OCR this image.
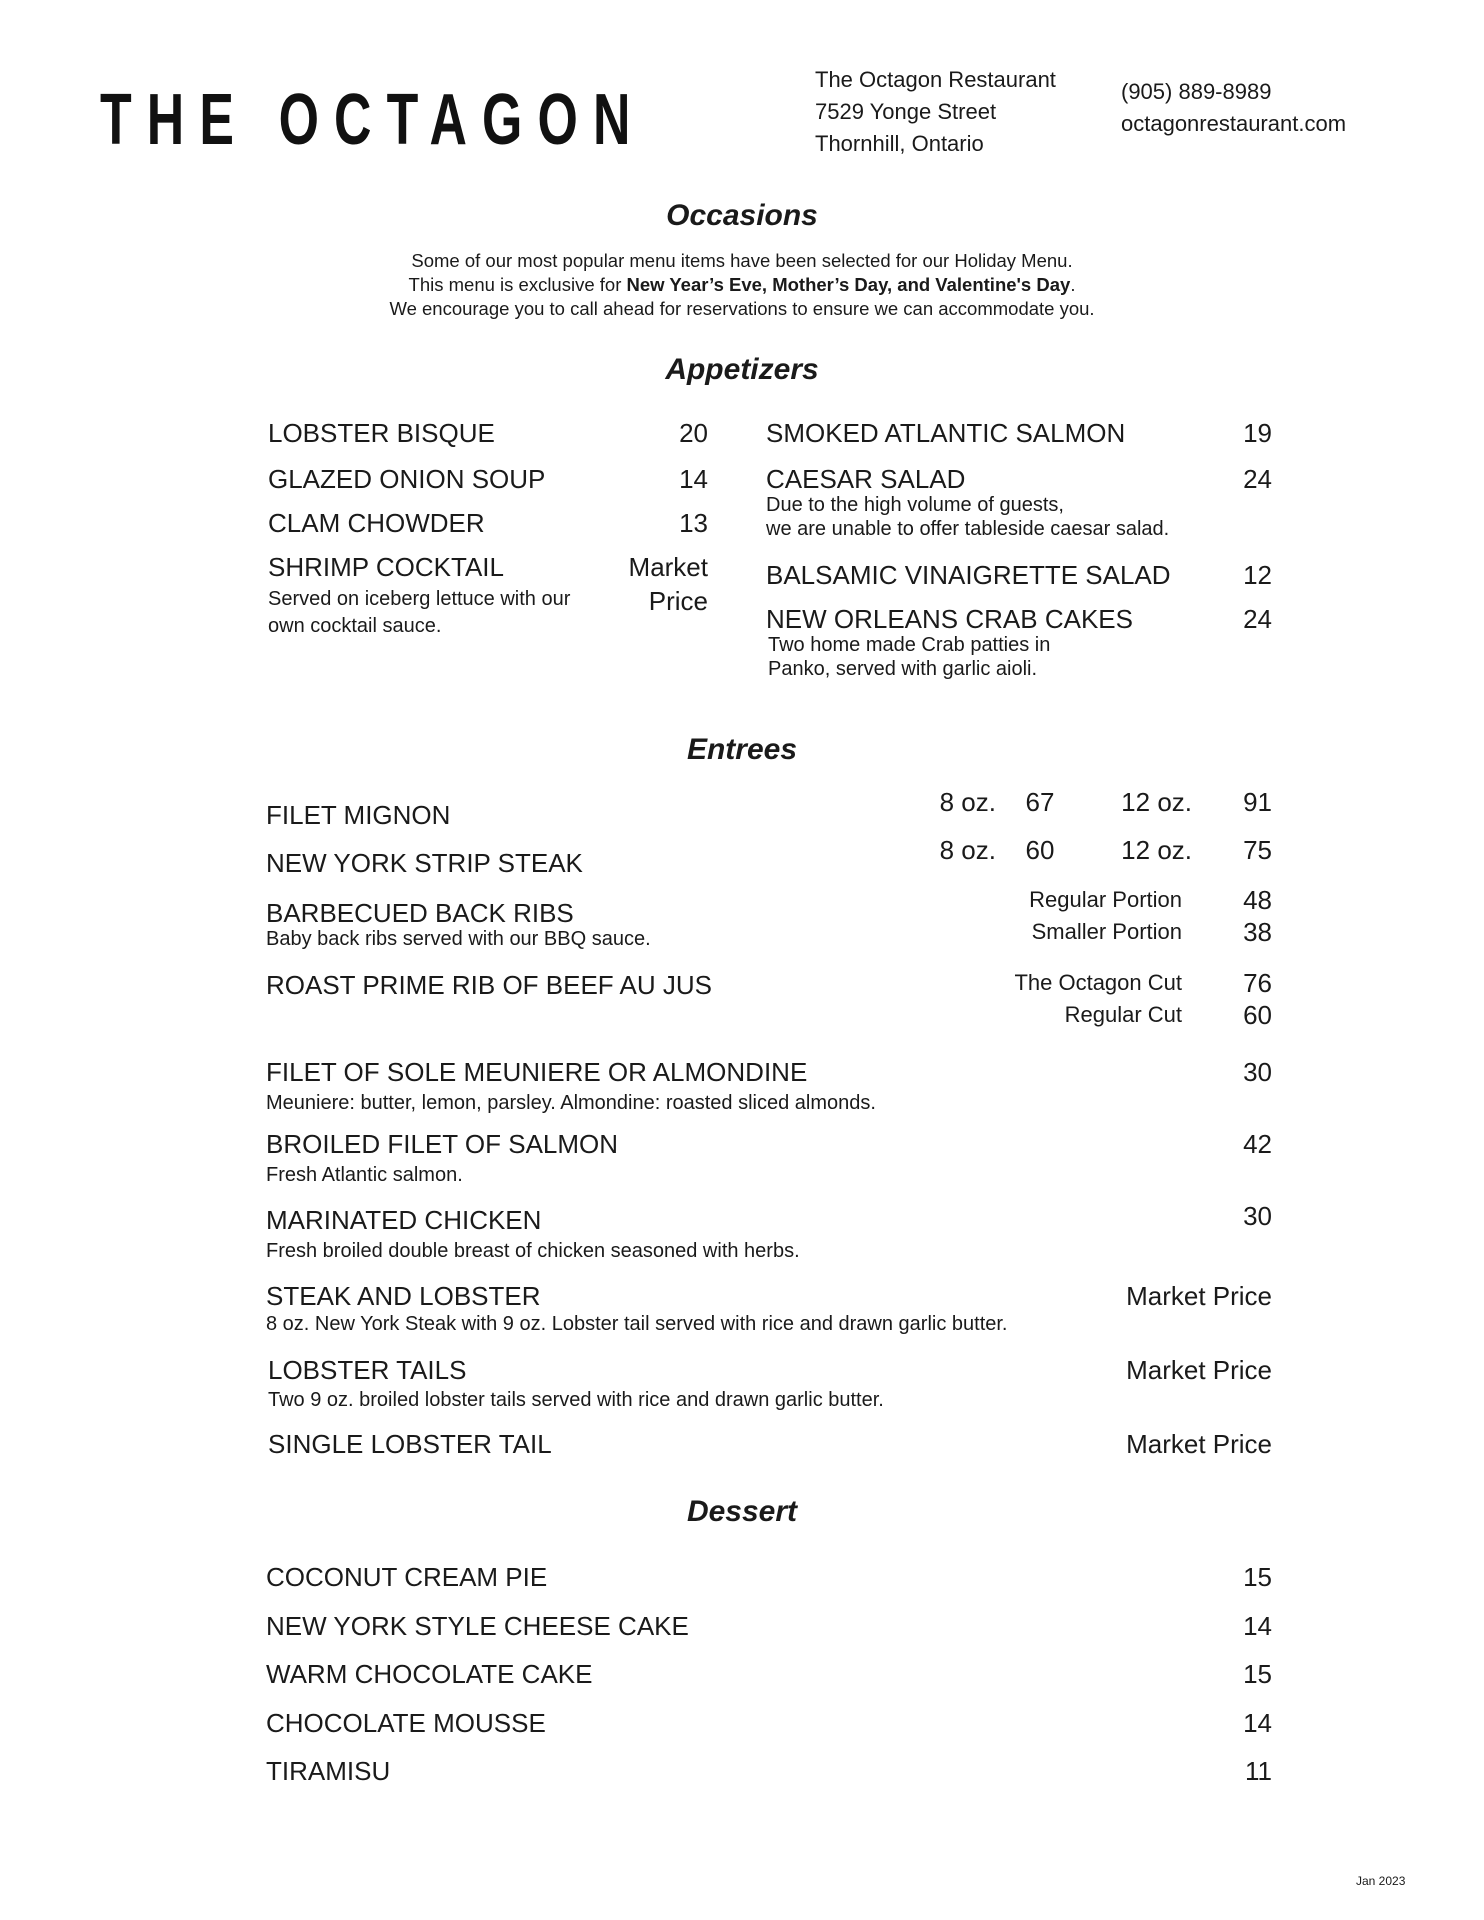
THE OCTAGON
The Octagon Restaurant
7529 Yonge Street
Thornhill, Ontario
(905) 889-8989
octagonrestaurant.com
Occasions
Some of our most popular menu items have been selected for our Holiday Menu.
This menu is exclusive for New Year’s Eve, Mother’s Day, and Valentine's Day.
We encourage you to call ahead for reservations to ensure we can accommodate you.
Appetizers
LOBSTER BISQUE	20
GLAZED ONION SOUP	14
CLAM CHOWDER	13
SHRIMP COCKTAIL	Market
Price
Served on iceberg lettuce with our
own cocktail sauce.
SMOKED ATLANTIC SALMON	19
CAESAR SALAD	24
Due to the high volume of guests,
we are unable to offer tableside caesar salad.
BALSAMIC VINAIGRETTE SALAD	12
NEW ORLEANS CRAB CAKES	24
Two home made Crab patties in
Panko, served with garlic aioli.
Entrees
FILET MIGNON	8 oz.	67	12 oz.	91
NEW YORK STRIP STEAK	8 oz.	60	12 oz.	75
BARBECUED BACK RIBS
Baby back ribs served with our BBQ sauce.
Regular Portion	48
Smaller Portion	38
ROAST PRIME RIB OF BEEF AU JUS	The Octagon Cut	76
Regular Cut	60
FILET OF SOLE MEUNIERE OR ALMONDINE
Meuniere: butter, lemon, parsley. Almondine: roasted sliced almonds.
30
BROILED FILET OF SALMON
Fresh Atlantic salmon.
42
MARINATED CHICKEN
Fresh broiled double breast of chicken seasoned with herbs.
30
STEAK AND LOBSTER
8 oz. New York Steak with 9 oz. Lobster tail served with rice and drawn garlic butter.
Market Price
LOBSTER TAILS
Two 9 oz. broiled lobster tails served with rice and drawn garlic butter.
Market Price
SINGLE LOBSTER TAIL	Market Price
Dessert
COCONUT CREAM PIE	15
NEW YORK STYLE CHEESE CAKE	14
WARM CHOCOLATE CAKE	15
CHOCOLATE MOUSSE	14
TIRAMISU	11
Jan 2023
